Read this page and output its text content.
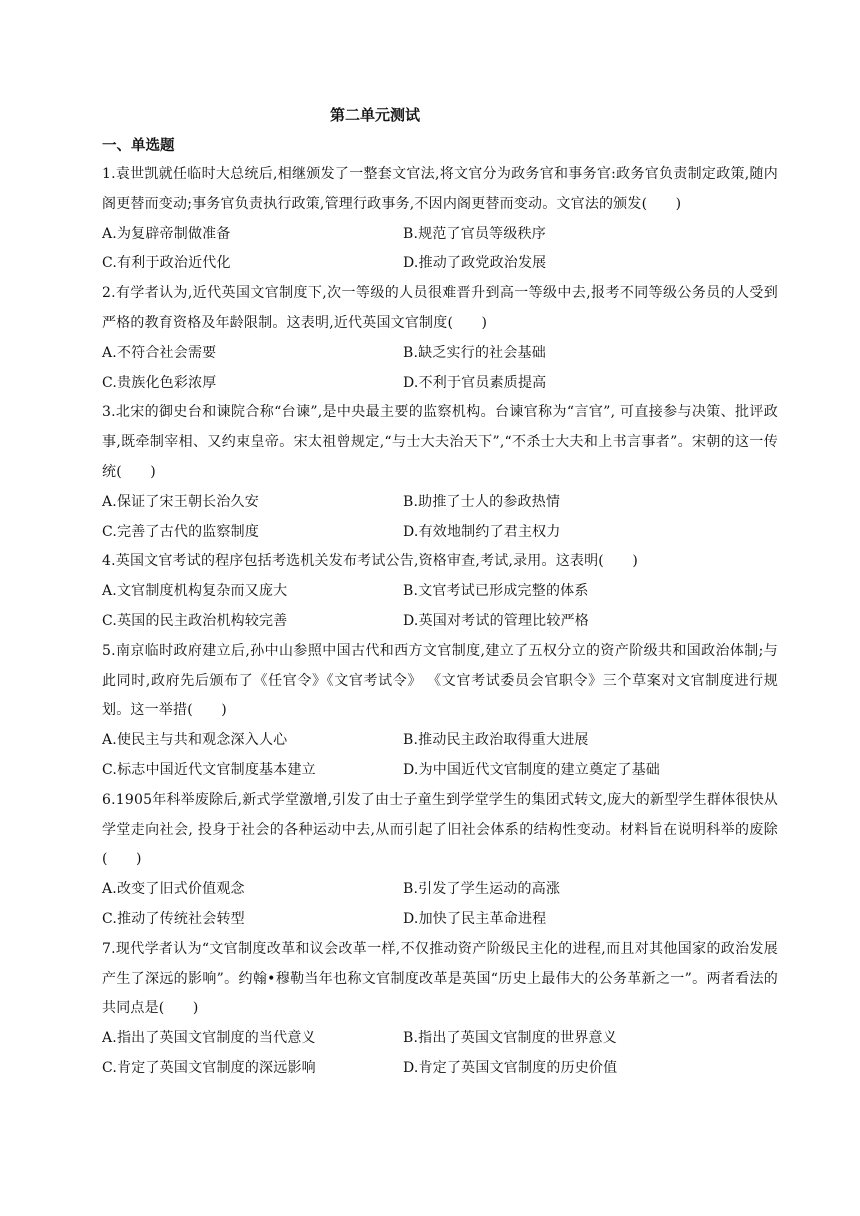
第二单元测试
一、单选题
1.袁世凯就任临时大总统后,相继颁发了一整套文官法,将文官分为政务官和事务官:政务官负责制定政策,随内阁更替而变动;事务官负责执行政策,管理行政事务,不因内阁更替而变动。文官法的颁发(　　)
A.为复辟帝制做准备	B.规范了官员等级秩序
C.有利于政治近代化	D.推动了政党政治发展
2.有学者认为,近代英国文官制度下,次一等级的人员很难晋升到高一等级中去,报考不同等级公务员的人受到严格的教育资格及年龄限制。这表明,近代英国文官制度(　　)
A.不符合社会需要	B.缺乏实行的社会基础
C.贵族化色彩浓厚	D.不利于官员素质提高
3.北宋的御史台和谏院合称“台谏”,是中央最主要的监察机构。台谏官称为“言官”, 可直接参与决策、批评政事,既牵制宰相、又约束皇帝。宋太祖曾规定,“与士大夫治天下”,“不杀士大夫和上书言事者”。宋朝的这一传统(　　)
A.保证了宋王朝长治久安	B.助推了士人的参政热情
C.完善了古代的监察制度	D.有效地制约了君主权力
4.英国文官考试的程序包括考选机关发布考试公告,资格审查,考试,录用。这表明(　　)
A.文官制度机构复杂而又庞大	B.文官考试已形成完整的体系
C.英国的民主政治机构较完善	D.英国对考试的管理比较严格
5.南京临时政府建立后,孙中山参照中国古代和西方文官制度,建立了五权分立的资产阶级共和国政治体制;与此同时,政府先后颁布了《任官令》《文官考试令》 《文官考试委员会官职令》三个草案对文官制度进行规划。这一举措(　　)
A.使民主与共和观念深入人心	B.推动民主政治取得重大进展
C.标志中国近代文官制度基本建立	D.为中国近代文官制度的建立奠定了基础
6.1905年科举废除后,新式学堂激增,引发了由士子童生到学堂学生的集团式转文,庞大的新型学生群体很快从学堂走向社会, 投身于社会的各种运动中去,从而引起了旧社会体系的结构性变动。材料旨在说明科举的废除(　　)
A.改变了旧式价值观念	B.引发了学生运动的高涨
C.推动了传统社会转型	D.加快了民主革命进程
7.现代学者认为“文官制度改革和议会改革一样,不仅推动资产阶级民主化的进程,而且对其他国家的政治发展产生了深远的影响”。约翰•穆勒当年也称文官制度改革是英国“历史上最伟大的公务革新之一”。两者看法的共同点是(　　)
A.指出了英国文官制度的当代意义	B.指出了英国文官制度的世界意义
C.肯定了英国文官制度的深远影响	D.肯定了英国文官制度的历史价值
